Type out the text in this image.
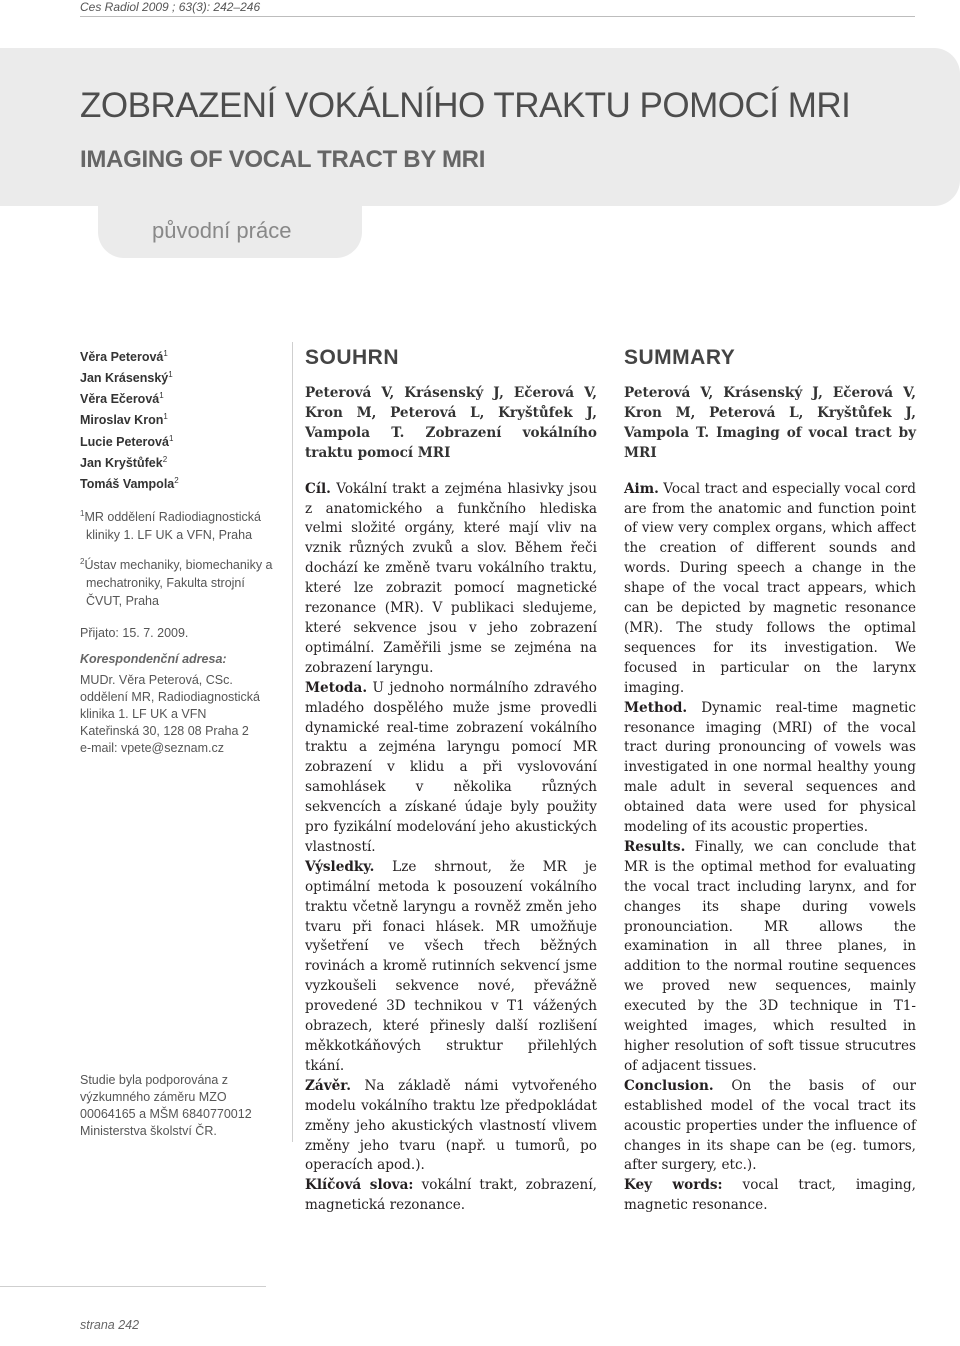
Ces Radiol 2009 ; 63(3): 242–246
ZOBRAZENÍ VOKÁLNÍHO TRAKTU POMOCÍ MRI
IMAGING OF VOCAL TRACT BY MRI
původní práce
Věra Peterová$^1$
Jan Krásenský$^1$
Věra Ečerová$^1$
Miroslav Kron$^1$
Lucie Peterová$^1$
Jan Kryštůfek$^2$
Tomáš Vampola$^2$

$^1$MR oddělení Radiodiagnostická kliniky 1. LF UK a VFN, Praha

$^2$Ústav mechaniky, biomechaniky a mechatroniky, Fakulta strojní ČVUT, Praha

Přijato: 15. 7. 2009.
Korespondenční adresa:
MUDr. Věra Peterová, CSc.
oddělení MR, Radiodiagnostická klinika 1. LF UK a VFN
Kateřinská 30, 128 08 Praha 2
e-mail: vpete@seznam.cz
Studie byla podporována z výzkumného záměru MZO 00064165 a MŠM 6840770012 Ministerstva školství ČR.
SOUHRN
Peterová V, Krásenský J, Ečerová V, Kron M, Peterová L, Kryštůfek J, Vampola T. Zobrazení vokálního traktu pomocí MRI

Cíl. Vokální trakt a zejména hlasivky jsou z anatomického a funkčního hlediska velmi složité orgány, které mají vliv na vznik různých zvuků a slov. Během řeči dochází ke změně tvaru vokálního traktu, které lze zobrazit pomocí magnetické rezonance (MR). V publikaci sledujeme, které sekvence jsou v jeho zobrazení optimální. Zaměřili jsme se zejména na zobrazení laryngu.

Metoda. U jednoho normálního zdravého mladého dospělého muže jsme provedli dynamické real-time zobrazení vokálního traktu a zejména laryngu pomocí MR zobrazení v klidu a při vyslovování samohlásek v několika různých sekvencích a získané údaje byly použity pro fyzikální modelování jeho akustických vlastností.

Výsledky. Lze shrnout, že MR je optimální metoda k posouzení vokálního traktu včetně laryngu a rovněž změn jeho tvaru při fonaci hlásek. MR umožňuje vyšetření ve všech třech běžných rovinách a kromě rutinních sekvencí jsme vyzkoušeli sekvence nové, převážně provedené 3D technikou v T1 vážených obrazech, které přinesly další rozlišení měkkotkáňových struktur přilehlých tkání.

Závěr. Na základě námi vytvořeného modelu vokálního traktu lze předpokládat změny jeho akustických vlastností vlivem změny jeho tvaru (např. u tumorů, po operacích apod.).

Klíčová slova: vokální trakt, zobrazení, magnetická rezonance.

SUMMARY
Peterová V, Krásenský J, Ečerová V, Kron M, Peterová L, Kryštůfek J, Vampola T. Imaging of vocal tract by MRI

Aim. Vocal tract and especially vocal cord are from the anatomic and function point of view very complex organs, which affect the creation of different sounds and words. During speech a change in the shape of the vocal tract appears, which can be depicted by magnetic resonance (MR). The study follows the optimal sequences for its investigation. We focused in particular on the larynx imaging.

Method. Dynamic real-time magnetic resonance imaging (MRI) of the vocal tract during pronouncing of vowels was investigated in one normal healthy young male adult in several sequences and obtained data were used for physical modeling of its acoustic properties.

Results. Finally, we can conclude that MR is the optimal method for evaluating the vocal tract including larynx, and for changes its shape during vowels pronounciation. MR allows the examination in all three planes, in addition to the normal routine sequences we proved new sequences, mainly executed by the 3D technique in T1-weighted images, which resulted in higher resolution of soft tissue strucutres of adjacent tissues.

Conclusion. On the basis of our established model of the vocal tract its acoustic properties under the influence of changes in its shape can be (eg. tumors, after surgery, etc.).

Key words: vocal tract, imaging, magnetic resonance.

strana 242
